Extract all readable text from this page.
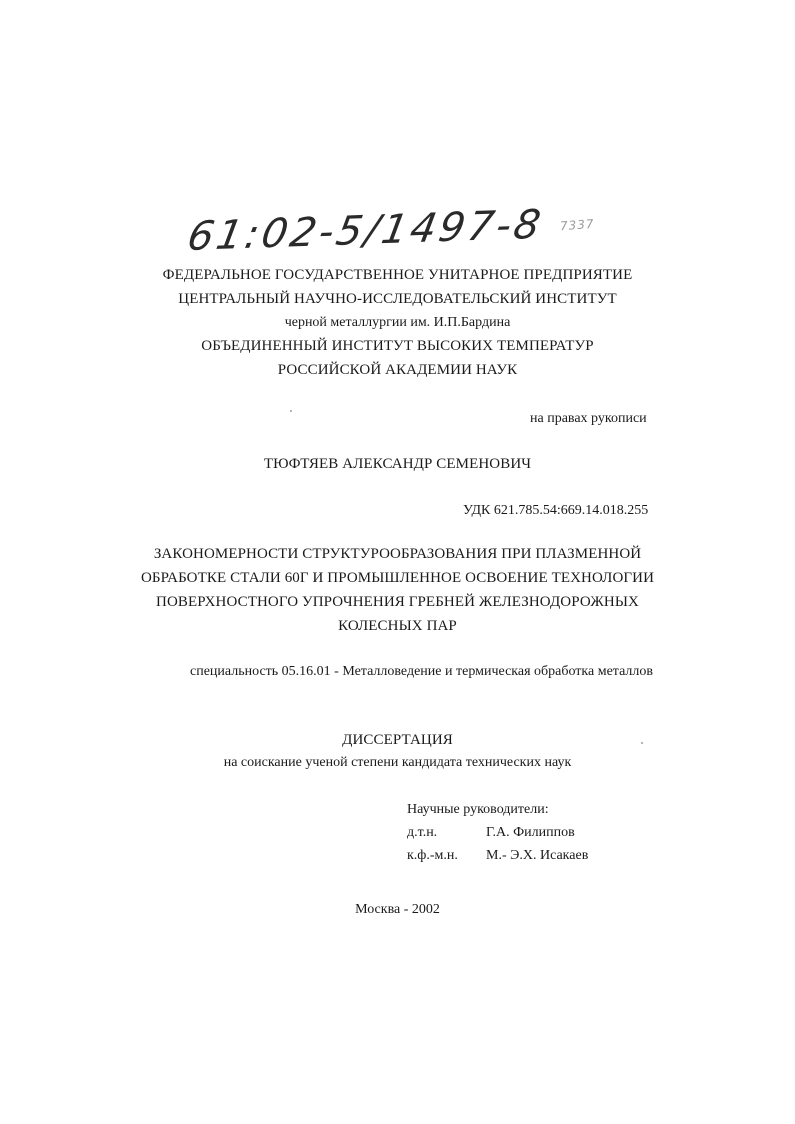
61:02-5/1497-8 7337
ФЕДЕРАЛЬНОЕ ГОСУДАРСТВЕННОЕ УНИТАРНОЕ ПРЕДПРИЯТИЕ
ЦЕНТРАЛЬНЫЙ НАУЧНО-ИССЛЕДОВАТЕЛЬСКИЙ ИНСТИТУТ
черной металлургии им. И.П.Бардина
ОБЪЕДИНЕННЫЙ ИНСТИТУТ ВЫСОКИХ ТЕМПЕРАТУР
РОССИЙСКОЙ АКАДЕМИИ НАУК
на правах рукописи
ТЮФТЯЕВ АЛЕКСАНДР СЕМЕНОВИЧ
УДК 621.785.54:669.14.018.255
ЗАКОНОМЕРНОСТИ СТРУКТУРООБРАЗОВАНИЯ ПРИ ПЛАЗМЕННОЙ
ОБРАБОТКЕ СТАЛИ 60Г И ПРОМЫШЛЕННОЕ ОСВОЕНИЕ ТЕХНОЛОГИИ
ПОВЕРХНОСТНОГО УПРОЧНЕНИЯ ГРЕБНЕЙ ЖЕЛЕЗНОДОРОЖНЫХ
КОЛЕСНЫХ ПАР
специальность 05.16.01 - Металловедение и термическая обработка металлов
ДИССЕРТАЦИЯ
на соискание ученой степени кандидата технических наук
Научные руководители:
д.т.н.	Г.А. Филиппов
к.ф.-м.н. М.- Э.Х. Исакаев
Москва - 2002
